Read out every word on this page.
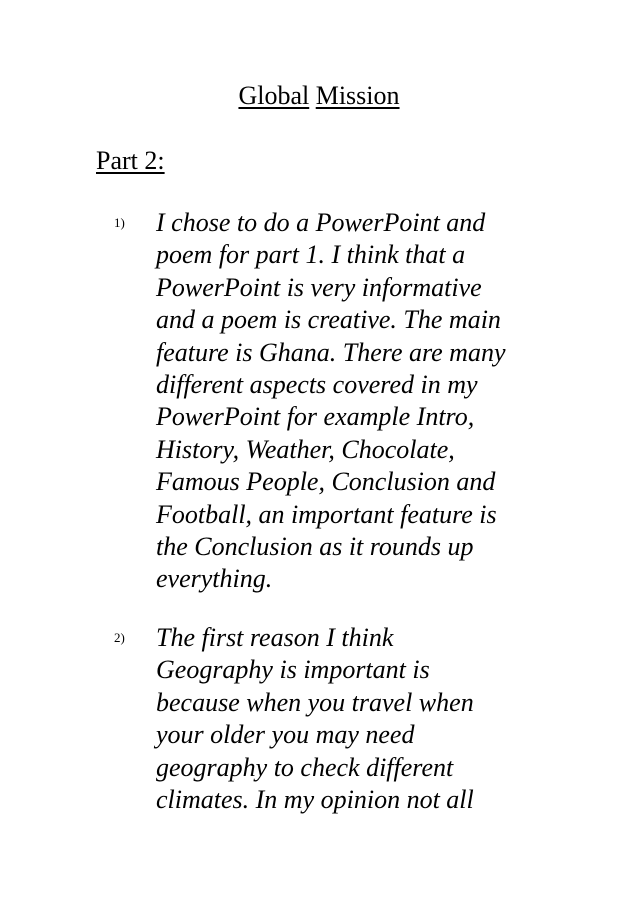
Global Mission
Part 2:
1) I chose to do a PowerPoint and
poem for part 1. I think that a
PowerPoint is very informative
and a poem is creative. The main
feature is Ghana. There are many
different aspects covered in my
PowerPoint for example Intro,
History, Weather, Chocolate,
Famous People, Conclusion and
Football, an important feature is
the Conclusion as it rounds up
everything.

2) The first reason I think
Geography is important is
because when you travel when
your older you may need
geography to check different
climates. In my opinion not all
